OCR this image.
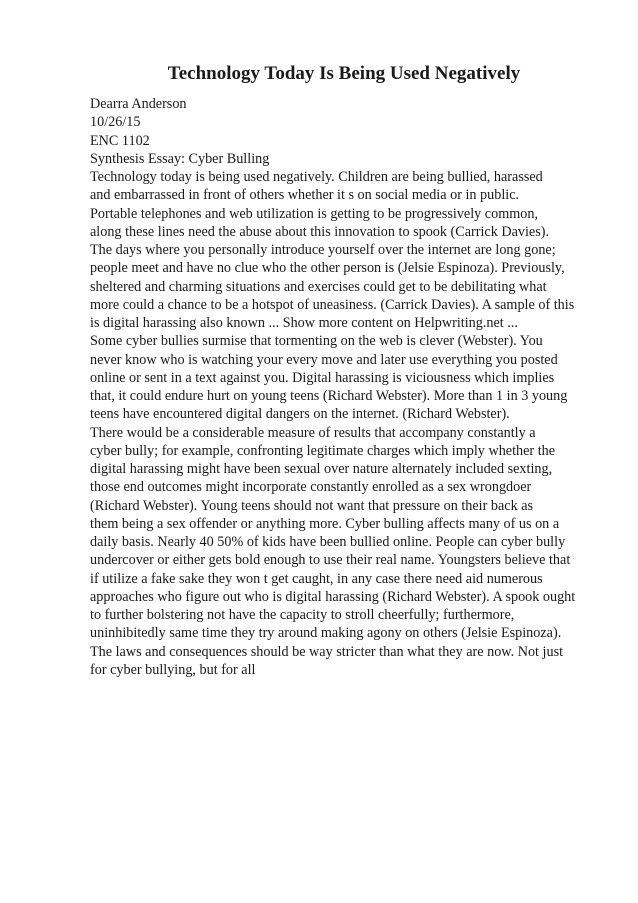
Technology Today Is Being Used Negatively
Dearra Anderson
10/26/15
ENC 1102
Synthesis Essay: Cyber Bulling
Technology today is being used negatively. Children are being bullied, harassed
and embarrassed in front of others whether it s on social media or in public.
Portable telephones and web utilization is getting to be progressively common,
along these lines need the abuse about this innovation to spook (Carrick Davies).
The days where you personally introduce yourself over the internet are long gone;
people meet and have no clue who the other person is (Jelsie Espinoza). Previously,
sheltered and charming situations and exercises could get to be debilitating what
more could a chance to be a hotspot of uneasiness. (Carrick Davies). A sample of this
is digital harassing also known ... Show more content on Helpwriting.net ...
Some cyber bullies surmise that tormenting on the web is clever (Webster). You
never know who is watching your every move and later use everything you posted
online or sent in a text against you. Digital harassing is viciousness which implies
that, it could endure hurt on young teens (Richard Webster). More than 1 in 3 young
teens have encountered digital dangers on the internet. (Richard Webster).
There would be a considerable measure of results that accompany constantly a
cyber bully; for example, confronting legitimate charges which imply whether the
digital harassing might have been sexual over nature alternately included sexting,
those end outcomes might incorporate constantly enrolled as a sex wrongdoer
(Richard Webster). Young teens should not want that pressure on their back as
them being a sex offender or anything more. Cyber bulling affects many of us on a
daily basis. Nearly 40 50% of kids have been bullied online. People can cyber bully
undercover or either gets bold enough to use their real name. Youngsters believe that
if utilize a fake sake they won t get caught, in any case there need aid numerous
approaches who figure out who is digital harassing (Richard Webster). A spook ought
to further bolstering not have the capacity to stroll cheerfully; furthermore,
uninhibitedly same time they try around making agony on others (Jelsie Espinoza).
The laws and consequences should be way stricter than what they are now. Not just
for cyber bullying, but for all
